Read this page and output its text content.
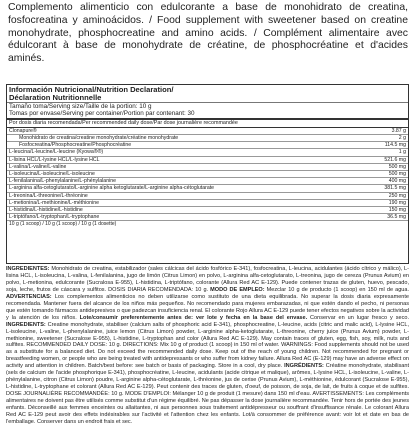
Complemento alimenticio con edulcorante a base de monohidrato de creatina, fosfocreatina y aminoácidos. / Food supplement with sweetener based on creatine monohydrate, phosphocreatine and amino acids. / Complément alimentaire avec édulcorant à base de monohydrate de créatine, de phosphocréatine et d'acides aminés.
Información Nutricional/Nutrition Declaration/
Déclaration Nutritionnelle
Tamaño toma/Serving size/Taille de la portion: 10 g
Tomas por envase/Serving per container/Portion par contenant: 30
Por dosis diaria recomendada/Per recommended daily dose/Par dose journalière recommandée
Clonapure®	3.87 g
Monohidrato de creatina/creatine monohydrate/créatine monohydrate	2 g
Fosfocreatina/Phosphocreatine/Phosphocréatine	114.5 mg
L-leucina/L-leucine/L-leucine (Kyowa®®)	1 g
L-lisina HCL/L-lysine HCL/L-lysine HCL	521.6 mg
L-valina/L-valine/L-valine	500 mg
L-isoleucina/L-isoleucine/L-isoleucine	500 mg
L-fenilalanina/L-phenylalanine/L-phénylalanine	400 mg
L-arginina alfa-cetoglutarato/L-arginine alpha ketoglutarate/L-arginine alpha-cétoglutarate	381.5 mg
L-treonina/L-threonine/L-thréonine	250 mg
L-metionina/L-methionine/L-méthionine	190 mg
L-histidina/L-histidine/L-histidine	150 mg
L-triptófano/L-tryptophan/L-tryptophane	36.5 mg
10 g (1 scoop) / 10 g (1 scoop) / 10 g (1 dosette)
INGREDIENTES: Monohidrato de creatina, estabilizador (sales cálcicas del ácido fosfórico E-341), fosfocreatina, L-leucina, acidulantes (ácido cítrico y málico), L-lisina HCL, L-isoleucina, L-valina, L-fenilalanina, jugo de limón (Citrus Limon) en polvo, L-arginina alfa-cetoglutarato, L-treonina, jugo de cereza (Prunus Avium) en polvo, L-metionina, edulcorante (Sucralosa E-955), L-histidina, L-triptófano, colorante (Allura Red AC E-129). Puede contener trazas de gluten, huevo, pescado, soja, leche, frutos de cáscara y sulfitos. DOSIS DIARIA RECOMENDADA: 10 g. MODO DE EMPLEO: Mezclar 10 g de producto (1 scoop) en 150 ml de agua. ADVERTENCIAS: Los complementos alimenticios no deben utilizarse como sustituto de una dieta equilibrada. No superar la dosis diaria expresamente recomendada. Mantener fuera del alcance de los niños más pequeños. No recomendado para mujeres embarazadas, ni que estén dando el pecho, ni personas que estén tomando fármacos antidepresivos o que padezcan insuficiencia renal. El colorante Rojo Allura AC E-129 puede tener efectos negativos sobre la actividad y la atención de los niños. Lote/consumir preferentemente antes de: ver lote y fecha en la base del envase. Conservar en un lugar fresco y seco. INGREDIENTS: Creatine monohydrate, stabiliser (calcium salts of phosphoric acid E-341), phosphocreatine, L-leucine, acids (citric and malic acid), L-lysine HCL, L-isoleucine, L-valine, L-phenylalanine, juice lemon (Citrus Limon) powder, L-arginine alpha-ketoglutarate, L-threonine, cherry juice (Prunus Avium) powder, L-methionine, sweetener (Sucralose E-955), L-histidine, L-tryptophan and color (Allura Red AC E-129). May contain traces of gluten, egg, fish, soy, milk, nuts and sulfites. RECOMMENDED DAILY DOSE: 10 g. DIRECTIONS: Mix 10 g of product (1 scoop) in 150 ml of water. WARNINGS: Food supplements should not be used as a substitute for a balanced diet. Do not exceed the recommended daily dose. Keep out of the reach of young children. Not recommended for pregnant or breastfeeding women, or people who are being treated with antidepressants or who suffer from kidney failure. Allura Red AC (E-129) may have an adverse effect on activity and attention in children. Batch/best before: see batch or basis of packaging. Store in a cool, dry place. INGRÉDIENTS: Créatine monohydrate, stabilisant (sels de calcium de l'acide phosphorique E-341), phosphocréatine, L-leucine, acidulants (acide citrique et malique), arômes, L-lysine HCL, L-isoleucine, L-valine, L-phénylalanine, citron (Citrus Limon) poudre, L-arginine alpha-cétoglutarate, L-thréonine, jus de cerise (Prunus Avium), L-méthionine, édulcorant (Sucralose E-955), L-histidine, L-tryptophane et colorant (Allura Red AC E-129). Peut contenir des traces de gluten, d'oeuf, de poisson, de soja, de lait, de fruits à coque et de sulfites. DOSE JOURNALIÈRE RECOMMANDÉE: 10 g. MODE D'EMPLOI: Mélanger 10 g de produit (1 mesure) dans 150 ml d'eau. AVERTISSEMENTS: Les compléments alimentaires ne doivent pas être utilisés comme substitut d'un régime équilibré. Ne pas dépasser la dose journalière recommandée. Tenir hors de portée des jeunes enfants. Déconseillé aux femmes enceintes ou allaitantes, ni aux personnes sous traitement antidépresseur ou souffrant d'insuffisance rénale. Le colorant Allura Red AC E-129 peut avoir des effets indésirables sur l'activité et l'attention chez les enfants. Lot/à consommer de préférence avant: voir lot et date en bas de l'emballage. Conserver dans un endroit frais et sec.
